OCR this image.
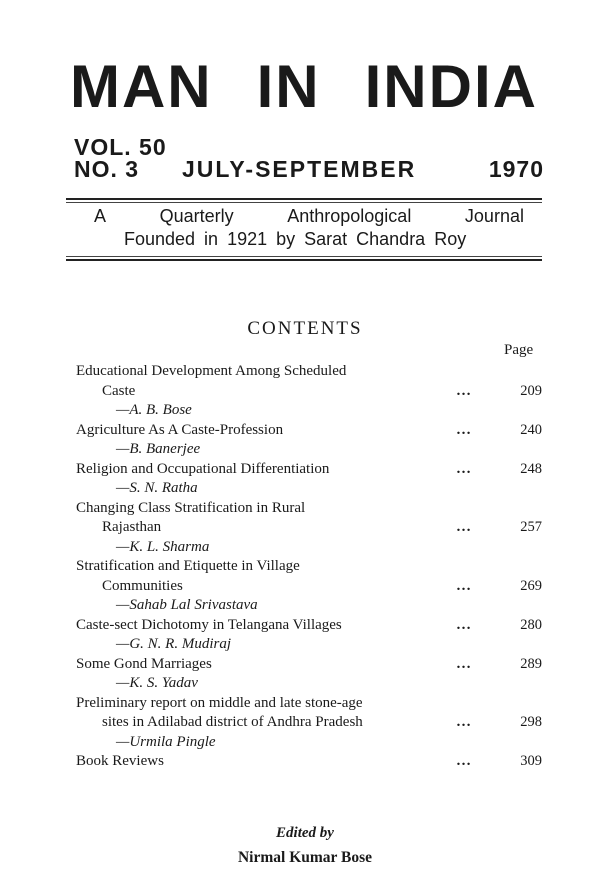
MAN IN INDIA
VOL. 50
NO. 3 JULY-SEPTEMBER	1970
A	Quarterly	Anthropological	Journal
Founded in 1921 by Sarat Chandra Roy
CONTENTS
Page
Educational Development Among Scheduled
Caste	…	209
—A. B. Bose
Agriculture As A Caste-Profession	…	240
—B. Banerjee
Religion and Occupational Differentiation	…	248
—S. N. Ratha
Changing Class Stratification in Rural
Rajasthan	…	257
—K. L. Sharma
Stratification and Etiquette in Village
Communities	…	269
—Sahab Lal Srivastava
Caste-sect Dichotomy in Telangana Villages	…	280
—G. N. R. Mudiraj
Some Gond Marriages	…	289
—K. S. Yadav
Preliminary report on middle and late stone-age
sites in Adilabad district of Andhra Pradesh	…	298
—Urmila Pingle
Book Reviews	…	309
Edited by
Nirmal Kumar Bose
